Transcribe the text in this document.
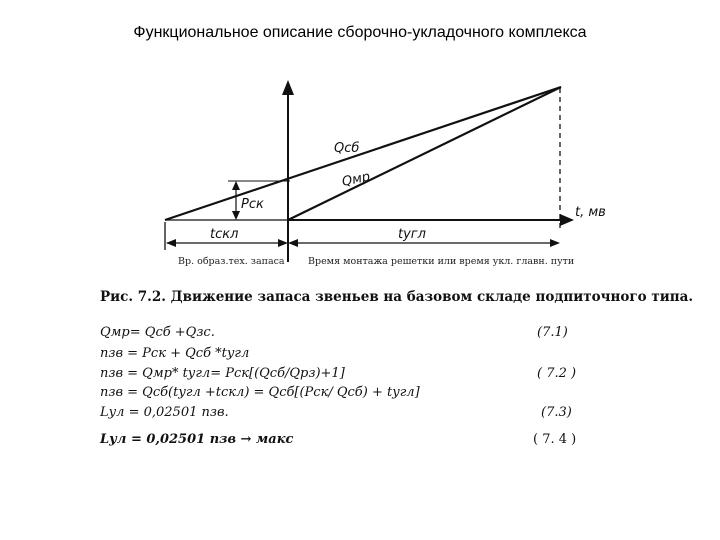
Функциональное описание сборочно-укладочного комплекса
Qcб
Qмр
Pск
tскл	tугл
t, мв
Вр. образ.тех. запаса Время монтажа решетки или время укл. главн. пути
Рис. 7.2. Движение запаса звеньев на базовом складе подпиточного типа.
Qмр= Qсб +Qзс.	(7.1)
nзв = Pск + Qсб *tугл
nзв = Qмр* tугл= Pск[(Qсб/Qрз)+1]	( 7.2 )
nзв = Qсб(tугл +tскл) = Qсб[(Pск/ Qсб) + tугл]
Lул = 0,02501 nзв.	(7.3)
Lул = 0,02501 nзв → макс	( 7. 4 )
